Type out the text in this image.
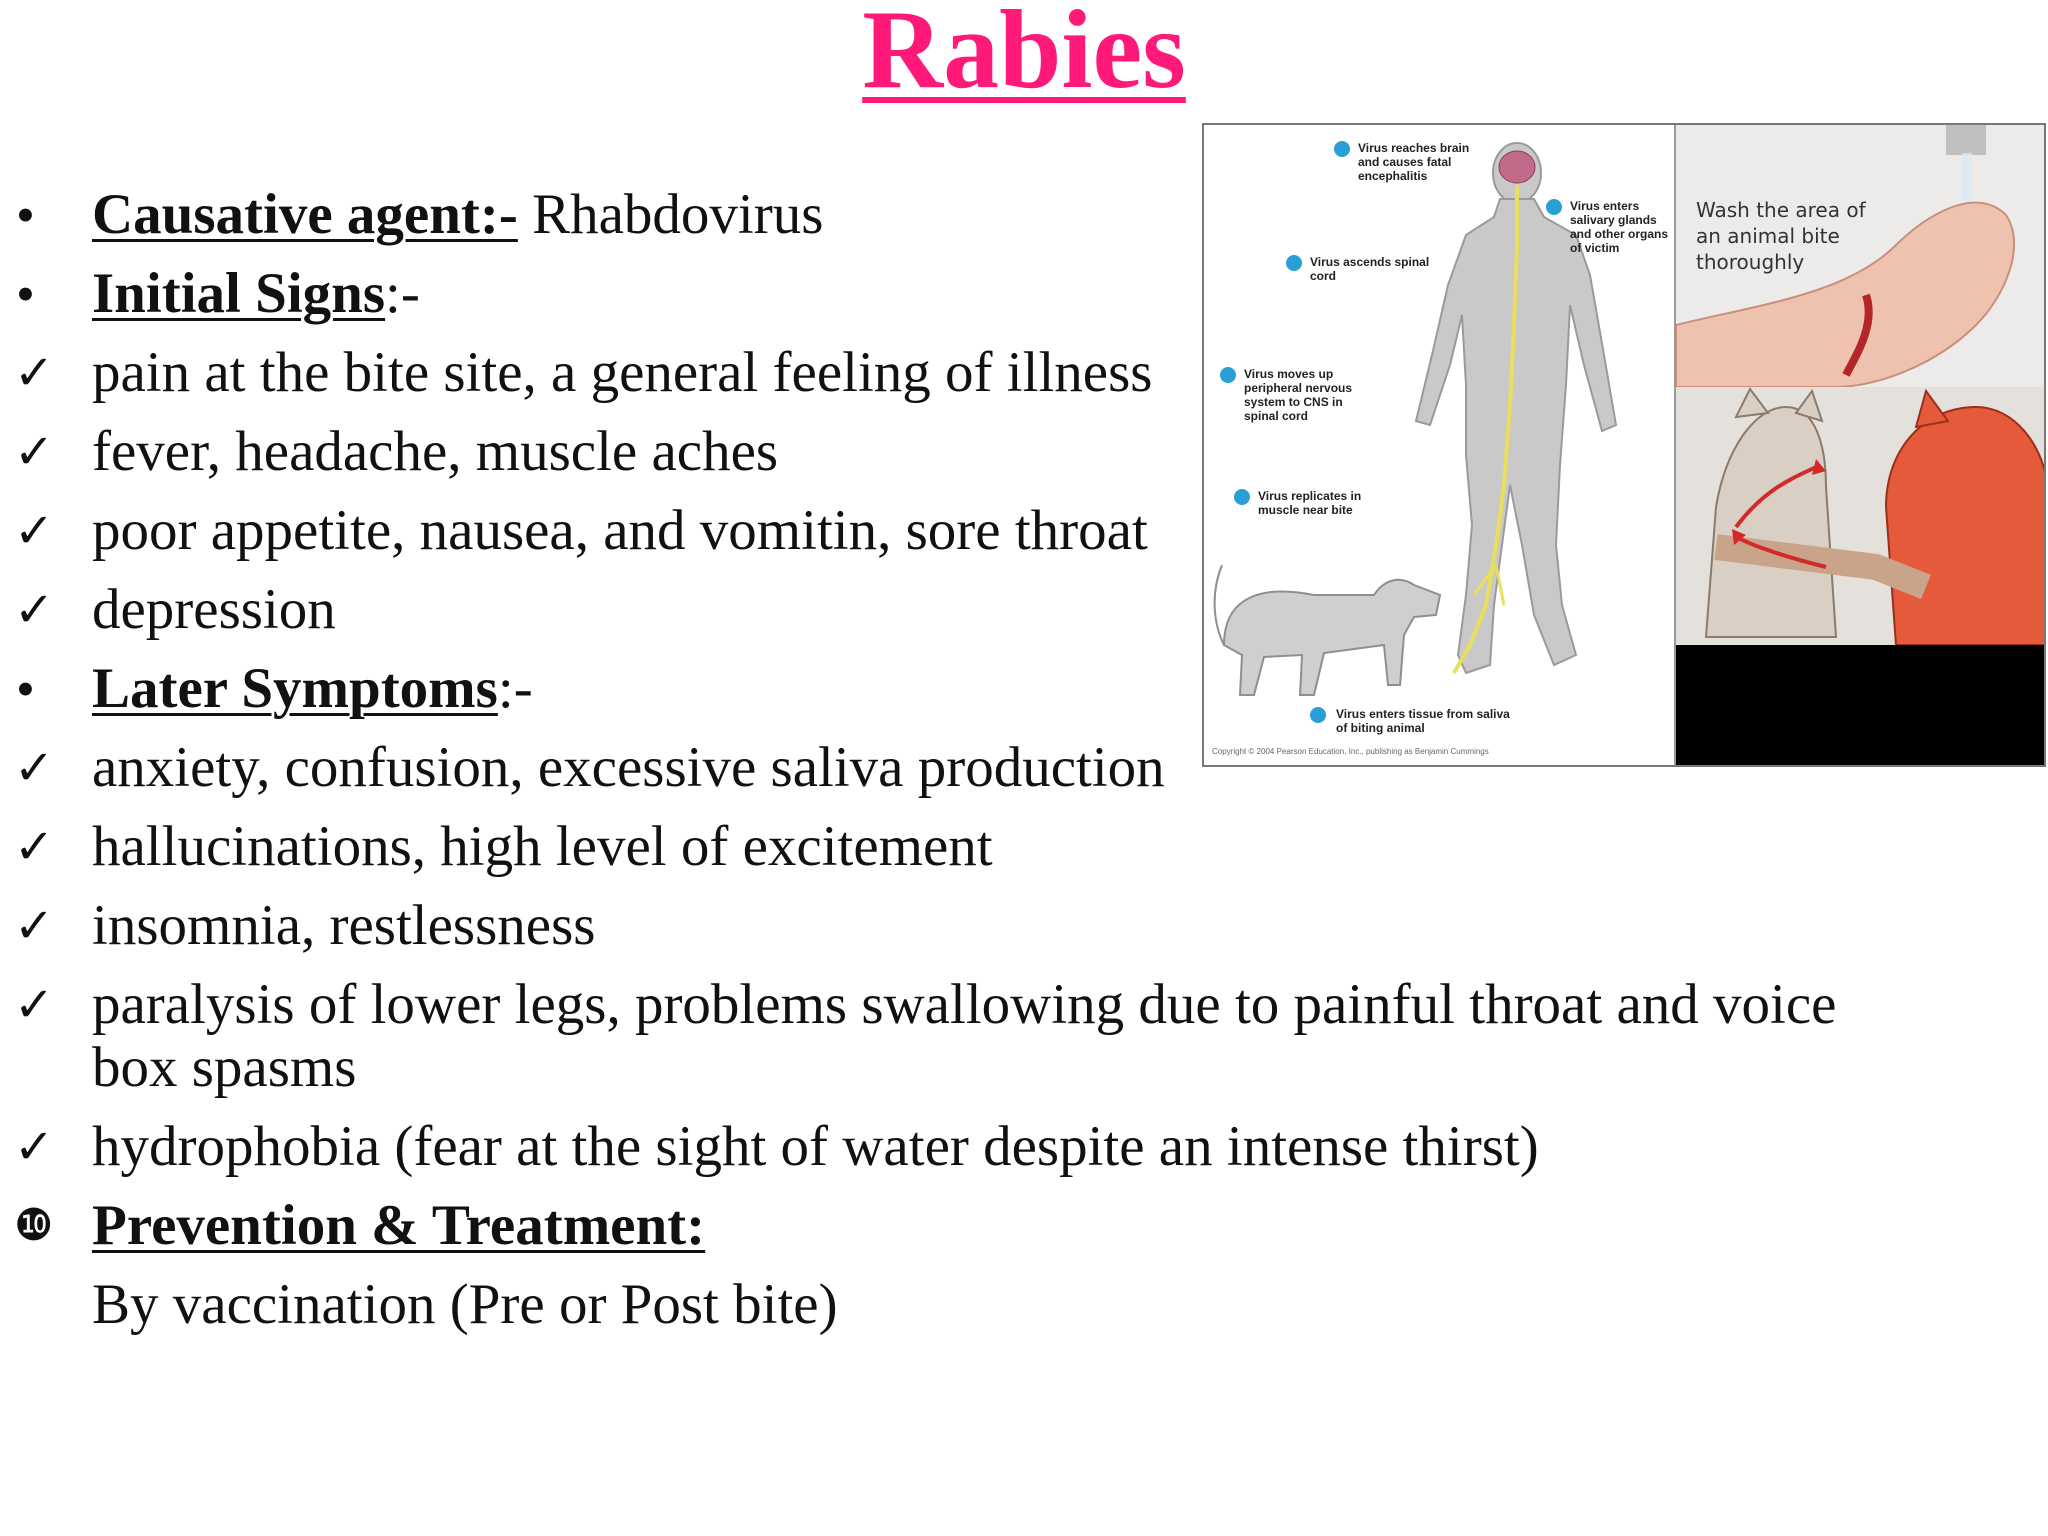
Rabies
•	Causative agent:- Rhabdovirus
•	Initial Signs:-
✓ pain at the bite site, a general feeling of illness
✓ fever, headache, muscle aches
✓ poor appetite, nausea, and vomitin, sore throat
✓ depression
•	Later Symptoms:-
✓ anxiety, confusion, excessive saliva production
✓ hallucinations, high level of excitement
✓ insomnia, restlessness
✓ paralysis of lower legs, problems swallowing due to painful throat and voice
box spasms
✓ hydrophobia (fear at the sight of water despite an intense thirst)
❿ Prevention & Treatment:
By vaccination (Pre or Post bite)
Virus enters tissue from saliva of biting animal
Virus replicates in muscle near bite
Virus moves up peripheral nervous system to CNS in spinal cord
Virus ascends spinal cord
Virus reaches brain and causes fatal encephalitis
Virus enters salivary glands and other organs of victim
Copyright © 2004 Pearson Education, Inc., publishing as Benjamin Cummings
Wash the area of an animal bite thoroughly
